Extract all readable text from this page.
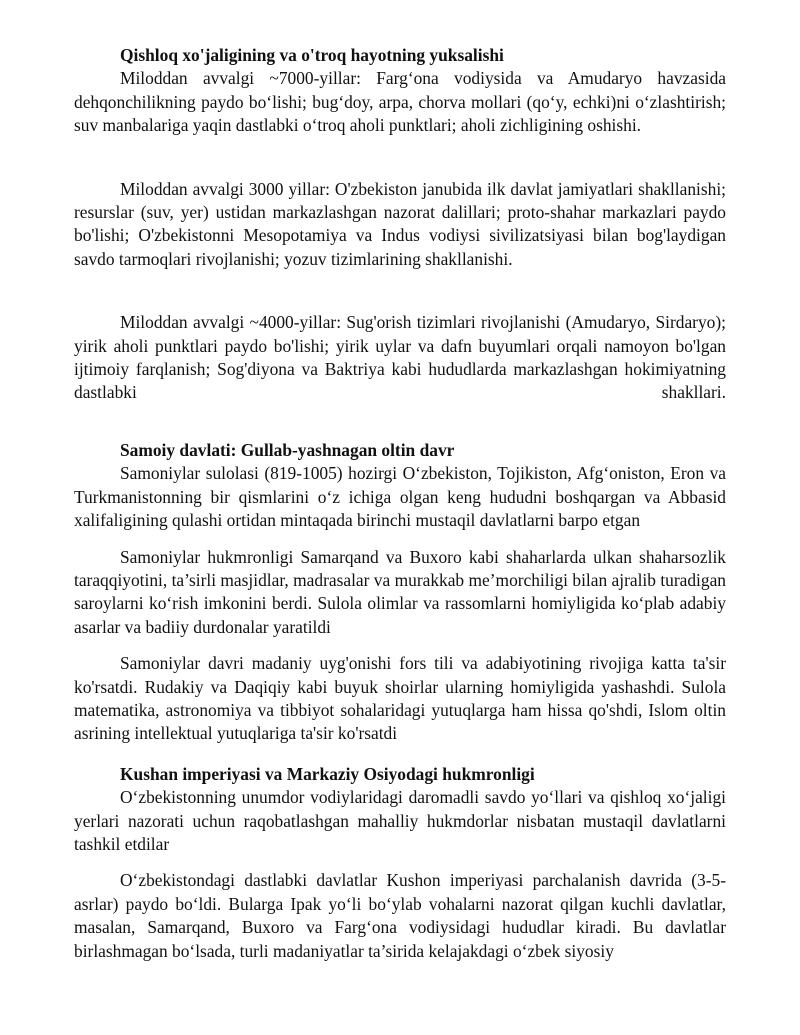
Qishloq xo'jaligining va o'troq hayotning yuksalishi

Miloddan avvalgi ~7000-yillar: Farg‘ona vodiysida va Amudaryo havzasida dehqonchilikning paydo bo‘lishi; bug‘doy, arpa, chorva mollari (qo‘y, echki)ni o‘zlashtirish; suv manbalariga yaqin dastlabki o‘troq aholi punktlari; aholi zichligining oshishi.

Miloddan avvalgi 3000 yillar: O'zbekiston janubida ilk davlat jamiyatlari shakllanishi; resurslar (suv, yer) ustidan markazlashgan nazorat dalillari; proto-shahar markazlari paydo bo'lishi; O'zbekistonni Mesopotamiya va Indus vodiysi sivilizatsiyasi bilan bog'laydigan savdo tarmoqlari rivojlanishi; yozuv tizimlarining shakllanishi.

Miloddan avvalgi ~4000-yillar: Sug'orish tizimlari rivojlanishi (Amudaryo, Sirdaryo); yirik aholi punktlari paydo bo'lishi; yirik uylar va dafn buyumlari orqali namoyon bo'lgan ijtimoiy farqlanish; Sog'diyona va Baktriya kabi hududlarda markazlashgan hokimiyatning dastlabki shakllari.

Samoiy davlati: Gullab-yashnagan oltin davr

Samoniylar sulolasi (819-1005) hozirgi O‘zbekiston, Tojikiston, Afg‘oniston, Eron va Turkmanistonning bir qismlarini o‘z ichiga olgan keng hududni boshqargan va Abbasid xalifaligining qulashi ortidan mintaqada birinchi mustaqil davlatlarni barpo etgan

Samoniylar hukmronligi Samarqand va Buxoro kabi shaharlarda ulkan shaharsozlik taraqqiyotini, ta’sirli masjidlar, madrasalar va murakkab me’morchiligi bilan ajralib turadigan saroylarni ko‘rish imkonini berdi. Sulola olimlar va rassomlarni homiyligida ko‘plab adabiy asarlar va badiiy durdonalar yaratildi

Samoniylar davri madaniy uyg'onishi fors tili va adabiyotining rivojiga katta ta'sir ko'rsatdi. Rudakiy va Daqiqiy kabi buyuk shoirlar ularning homiyligida yashashdi. Sulola matematika, astronomiya va tibbiyot sohalaridagi yutuqlarga ham hissa qo'shdi, Islom oltin asrining intellektual yutuqlariga ta'sir ko'rsatdi

Kushan imperiyasi va Markaziy Osiyodagi hukmronligi

O‘zbekistonning unumdor vodiylaridagi daromadli savdo yo‘llari va qishloq xo‘jaligi yerlari nazorati uchun raqobatlashgan mahalliy hukmdorlar nisbatan mustaqil davlatlarni tashkil etdilar

O‘zbekistondagi dastlabki davlatlar Kushon imperiyasi parchalanish davrida (3-5-asrlar) paydo bo‘ldi. Bularga Ipak yo‘li bo‘ylab vohalarni nazorat qilgan kuchli davlatlar, masalan, Samarqand, Buxoro va Farg‘ona vodiysidagi hududlar kiradi. Bu davlatlar birlashmagan bo‘lsada, turli madaniyatlar ta’sirida kelajakdagi o‘zbek siyosiy
